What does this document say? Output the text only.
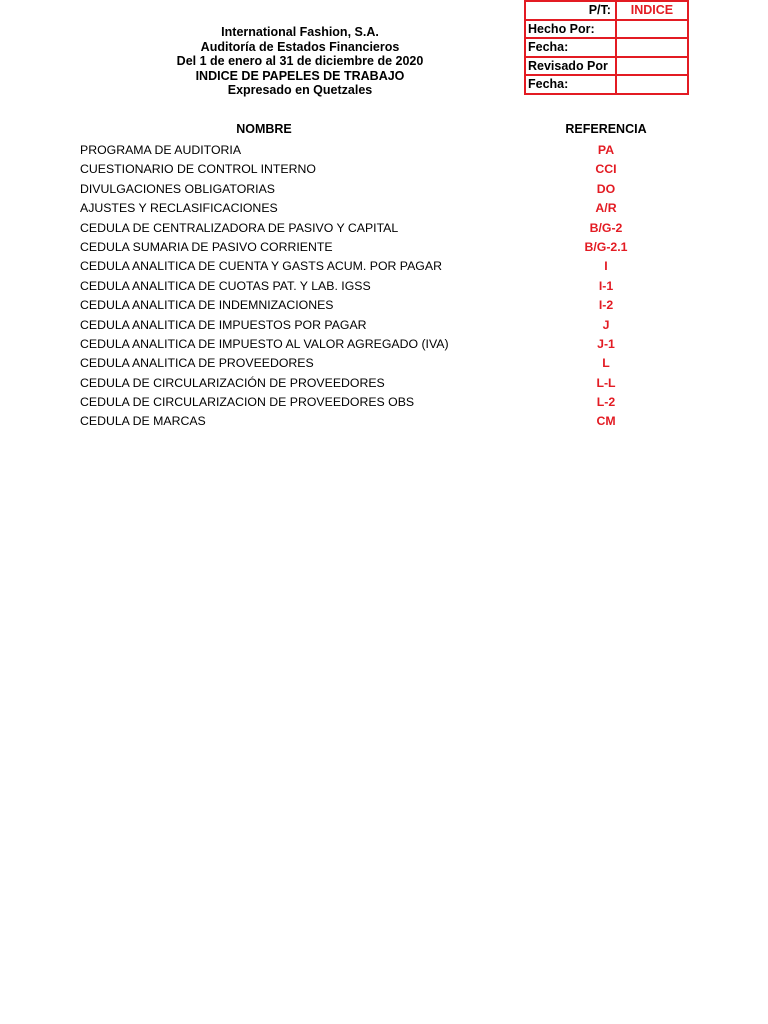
International Fashion, S.A.
Auditoría de Estados Financieros
Del 1 de enero al 31 de diciembre de 2020
INDICE DE PAPELES DE TRABAJO
Expresado en Quetzales
P/T:	INDICE
Hecho Por:	
Fecha:	
Revisado Por	
Fecha:	
NOMBRE	REFERENCIA
PROGRAMA DE AUDITORIA	PA
CUESTIONARIO DE CONTROL INTERNO	CCI
DIVULGACIONES OBLIGATORIAS	DO
AJUSTES Y RECLASIFICACIONES	A/R
CEDULA DE CENTRALIZADORA DE PASIVO Y CAPITAL	B/G-2
CEDULA SUMARIA DE PASIVO CORRIENTE	B/G-2.1
CEDULA ANALITICA DE CUENTA Y GASTS ACUM. POR PAGAR	I
CEDULA ANALITICA DE CUOTAS PAT. Y LAB. IGSS	I-1
CEDULA ANALITICA DE INDEMNIZACIONES	I-2
CEDULA ANALITICA DE IMPUESTOS POR PAGAR	J
CEDULA ANALITICA DE IMPUESTO AL VALOR AGREGADO (IVA)	J-1
CEDULA ANALITICA DE PROVEEDORES	L
CEDULA DE CIRCULARIZACIÓN DE PROVEEDORES	L-L
CEDULA DE CIRCULARIZACION DE PROVEEDORES OBS	L-2
CEDULA DE MARCAS	CM
